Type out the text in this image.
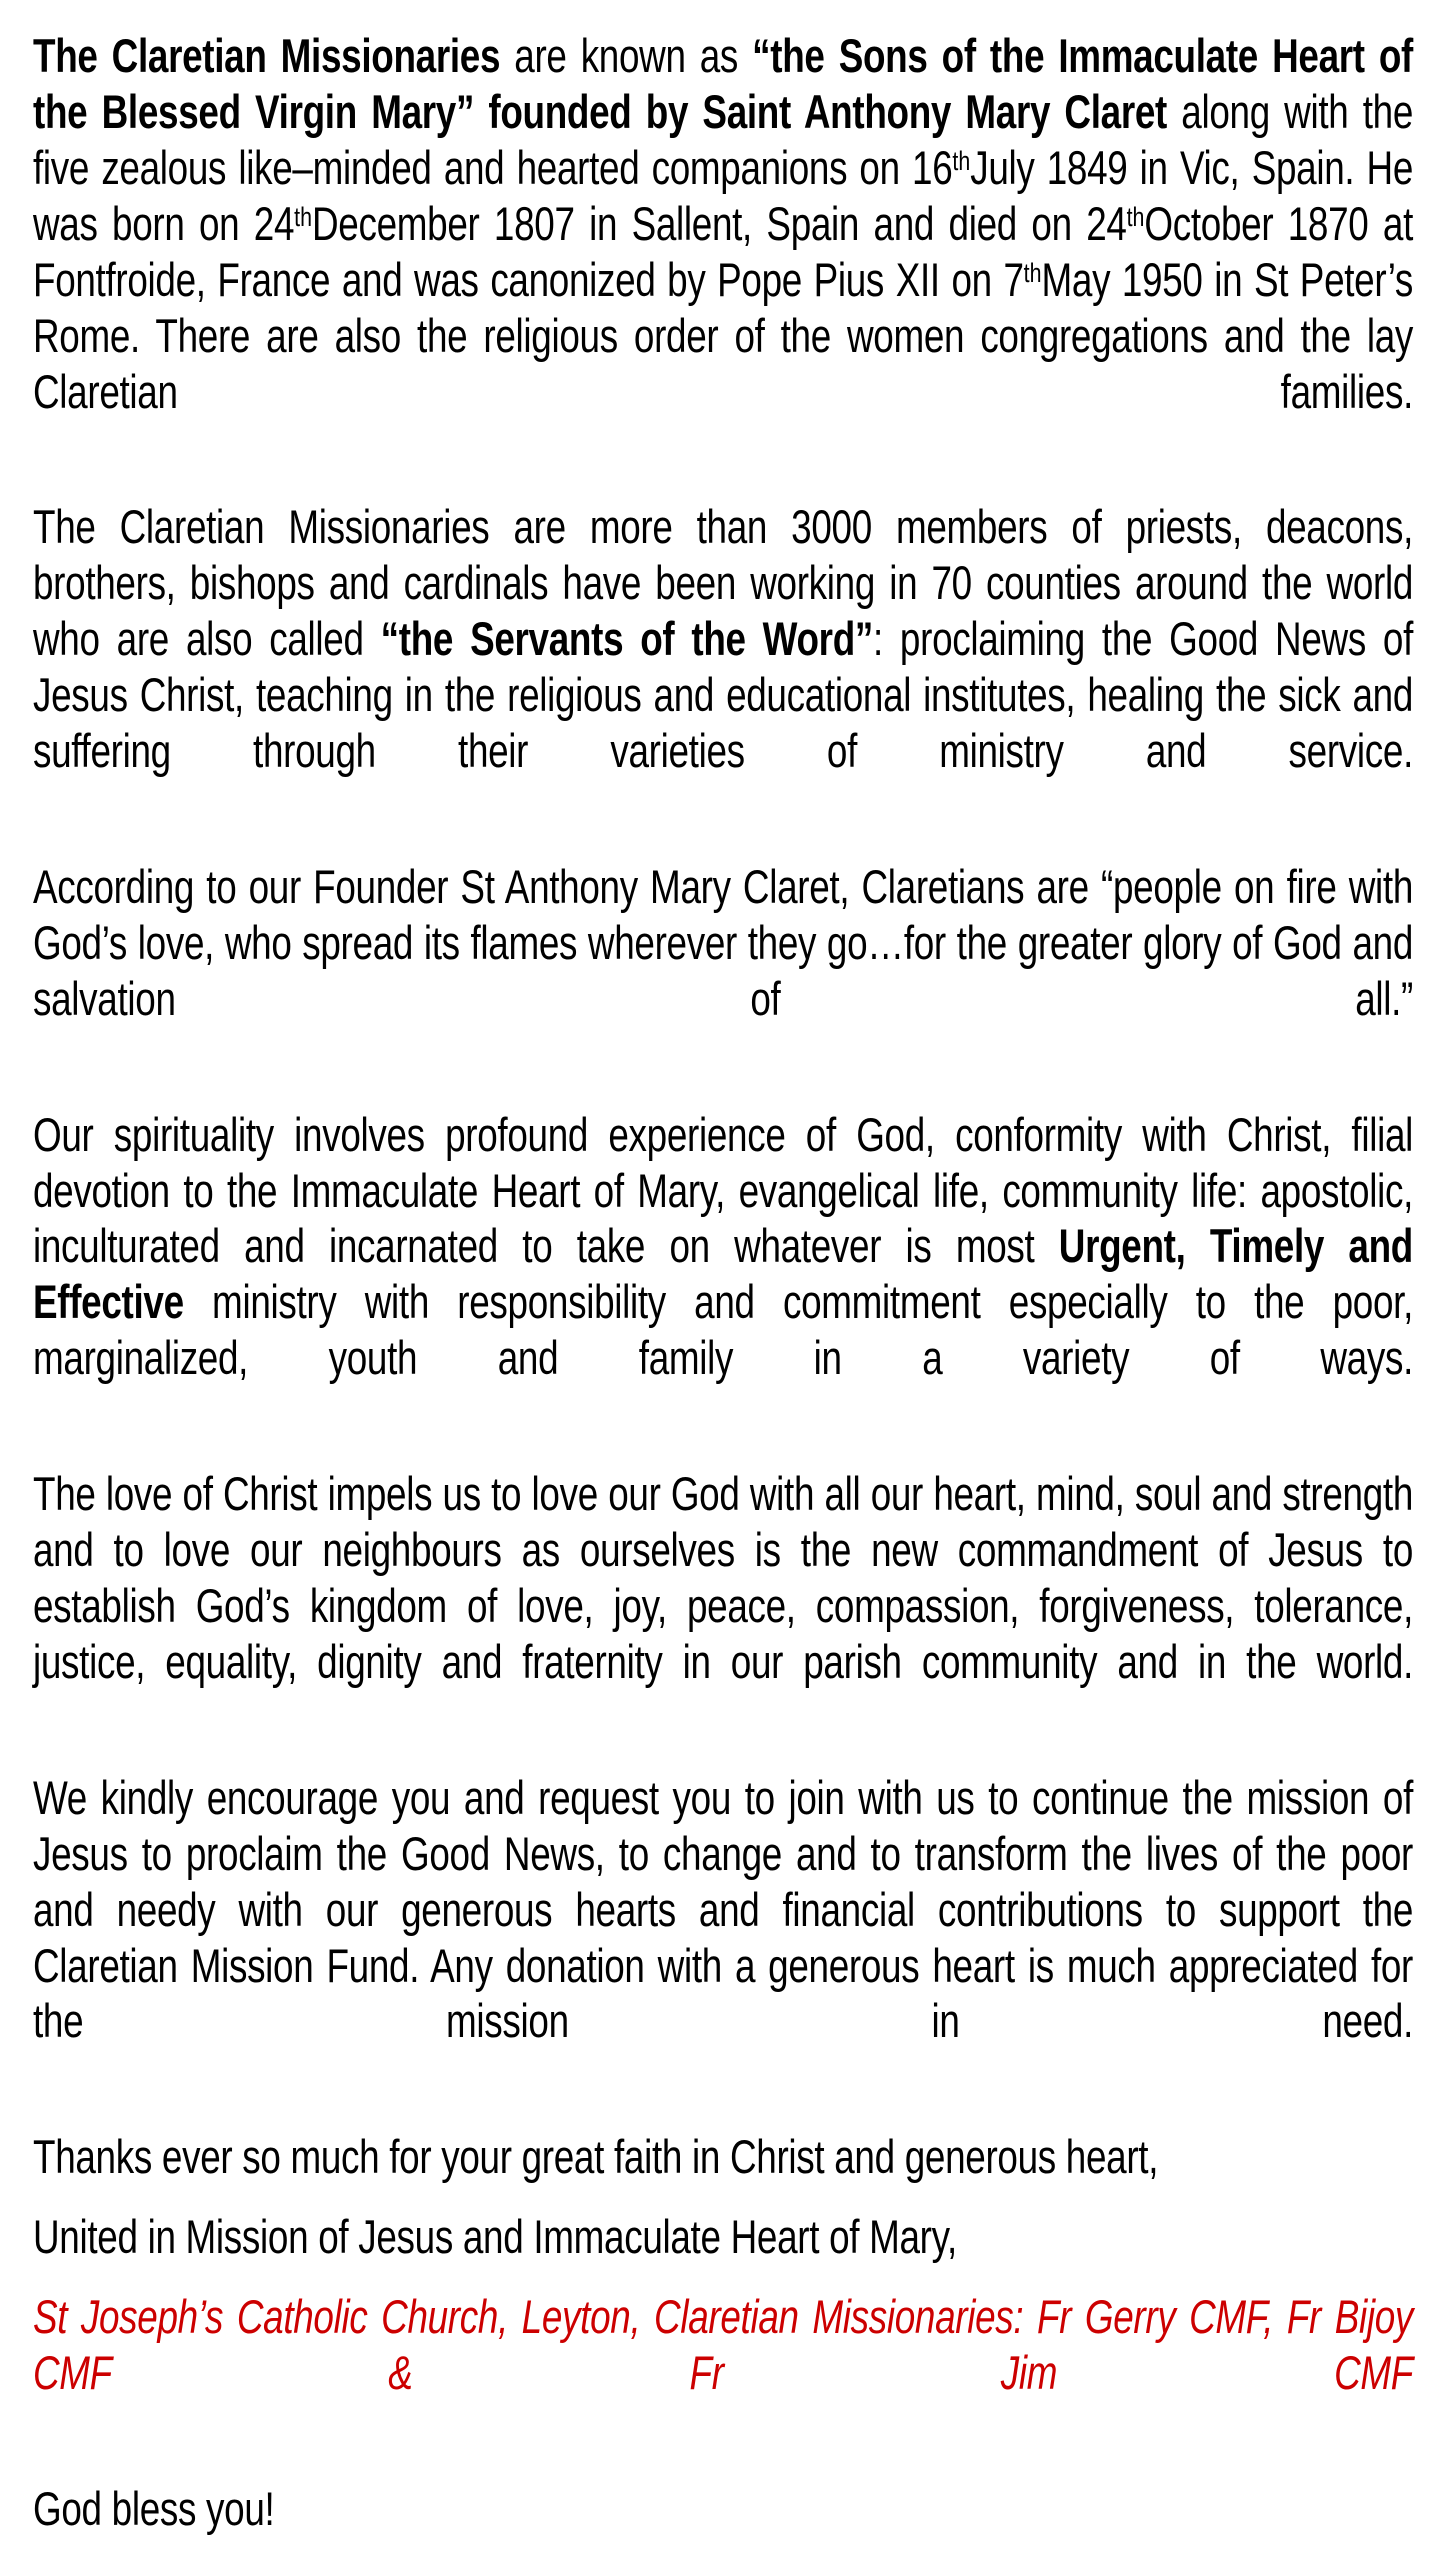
The Claretian Missionaries are known as “the Sons of the Immaculate Heart of the Blessed Virgin Mary” founded by Saint Anthony Mary Claret along with the five zealous like–minded and hearted companions on 16thJuly 1849 in Vic, Spain. He was born on 24thDecember 1807 in Sallent, Spain and died on 24thOctober 1870 at Fontfroide, France and was canonized by Pope Pius XII on 7thMay 1950 in St Peter’s Rome. There are also the religious order of the women congregations and the lay Claretian families.

The Claretian Missionaries are more than 3000 members of priests, deacons, brothers, bishops and cardinals have been working in 70 counties around the world who are also called “the Servants of the Word”: proclaiming the Good News of Jesus Christ, teaching in the religious and educational institutes, healing the sick and suffering through their varieties of ministry and service.

According to our Founder St Anthony Mary Claret, Claretians are “people on fire with God’s love, who spread its flames wherever they go…for the greater glory of God and salvation of all.”

Our spirituality involves profound experience of God, conformity with Christ, filial devotion to the Immaculate Heart of Mary, evangelical life, community life: apostolic, inculturated and incarnated to take on whatever is most Urgent, Timely and Effective ministry with responsibility and commitment especially to the poor, marginalized, youth and family in a variety of ways.

The love of Christ impels us to love our God with all our heart, mind, soul and strength and to love our neighbours as ourselves is the new commandment of Jesus to establish God’s kingdom of love, joy, peace, compassion, forgiveness, tolerance, justice, equality, dignity and fraternity in our parish community and in the world.

We kindly encourage you and request you to join with us to continue the mission of Jesus to proclaim the Good News, to change and to transform the lives of the poor and needy with our generous hearts and financial contributions to support the Claretian Mission Fund. Any donation with a generous heart is much appreciated for the mission in need.

Thanks ever so much for your great faith in Christ and generous heart,

United in Mission of Jesus and Immaculate Heart of Mary,

St Joseph’s Catholic Church, Leyton, Claretian Missionaries: Fr Gerry CMF, Fr Bijoy CMF & Fr Jim CMF

God bless you!
